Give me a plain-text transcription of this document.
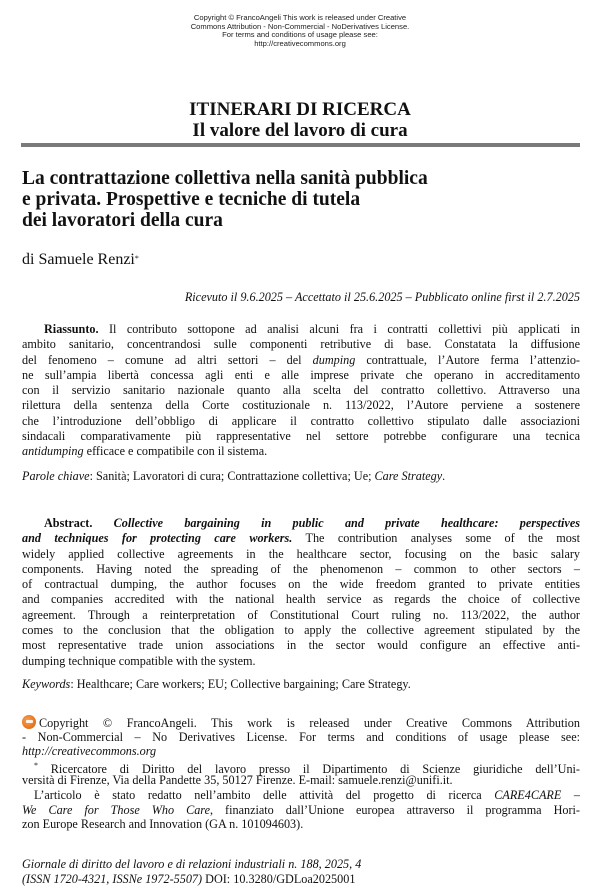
Copyright © FrancoAngeli This work is released under Creative
Commons Attribution - Non-Commercial - NoDerivatives License.
For terms and conditions of usage please see:
http://creativecommons.org
ITINERARI DI RICERCA
Il valore del lavoro di cura
La contrattazione collettiva nella sanità pubblica
e privata. Prospettive e tecniche di tutela
dei lavoratori della cura
di Samuele Renzi*
Ricevuto il 9.6.2025 – Accettato il 25.6.2025 – Pubblicato online first il 2.7.2025
Riassunto. Il contributo sottopone ad analisi alcuni fra i contratti collettivi più applicati in
ambito sanitario, concentrandosi sulle componenti retributive di base. Constatata la diffusione
del fenomeno – comune ad altri settori – del dumping contrattuale, l’Autore ferma l’attenzio-
ne sull’ampia libertà concessa agli enti e alle imprese private che operano in accreditamento
con il servizio sanitario nazionale quanto alla scelta del contratto collettivo. Attraverso una
rilettura della sentenza della Corte costituzionale n. 113/2022, l’Autore perviene a sostenere
che l’introduzione dell’obbligo di applicare il contratto collettivo stipulato dalle associazioni
sindacali comparativamente più rappresentative nel settore potrebbe configurare una tecnica
antidumping efficace e compatibile con il sistema.
Parole chiave: Sanità; Lavoratori di cura; Contrattazione collettiva; Ue; Care Strategy.
Abstract. Collective bargaining in public and private healthcare: perspectives
and techniques for protecting care workers. The contribution analyses some of the most
widely applied collective agreements in the healthcare sector, focusing on the basic salary
components. Having noted the spreading of the phenomenon – common to other sectors –
of contractual dumping, the author focuses on the wide freedom granted to private entities
and companies accredited with the national health service as regards the choice of collective
agreement. Through a reinterpretation of Constitutional Court ruling no. 113/2022, the author
comes to the conclusion that the obligation to apply the collective agreement stipulated by the
most representative trade union associations in the sector would configure an effective anti-
dumping technique compatible with the system.
Keywords: Healthcare; Care workers; EU; Collective bargaining; Care Strategy.
Copyright © FrancoAngeli. This work is released under Creative Commons Attribution
- Non-Commercial – No Derivatives License. For terms and conditions of usage please see:
http://creativecommons.org
* Ricercatore di Diritto del lavoro presso il Dipartimento di Scienze giuridiche dell’Uni-
versità di Firenze, Via della Pandette 35, 50127 Firenze. E-mail: samuele.renzi@unifi.it.
L’articolo è stato redatto nell’ambito delle attività del progetto di ricerca CARE4CARE –
We Care for Those Who Care, finanziato dall’Unione europea attraverso il programma Hori-
zon Europe Research and Innovation (GA n. 101094603).
Giornale di diritto del lavoro e di relazioni industriali n. 188, 2025, 4
(ISSN 1720-4321, ISSNe 1972-5507) DOI: 10.3280/GDLoa2025001
